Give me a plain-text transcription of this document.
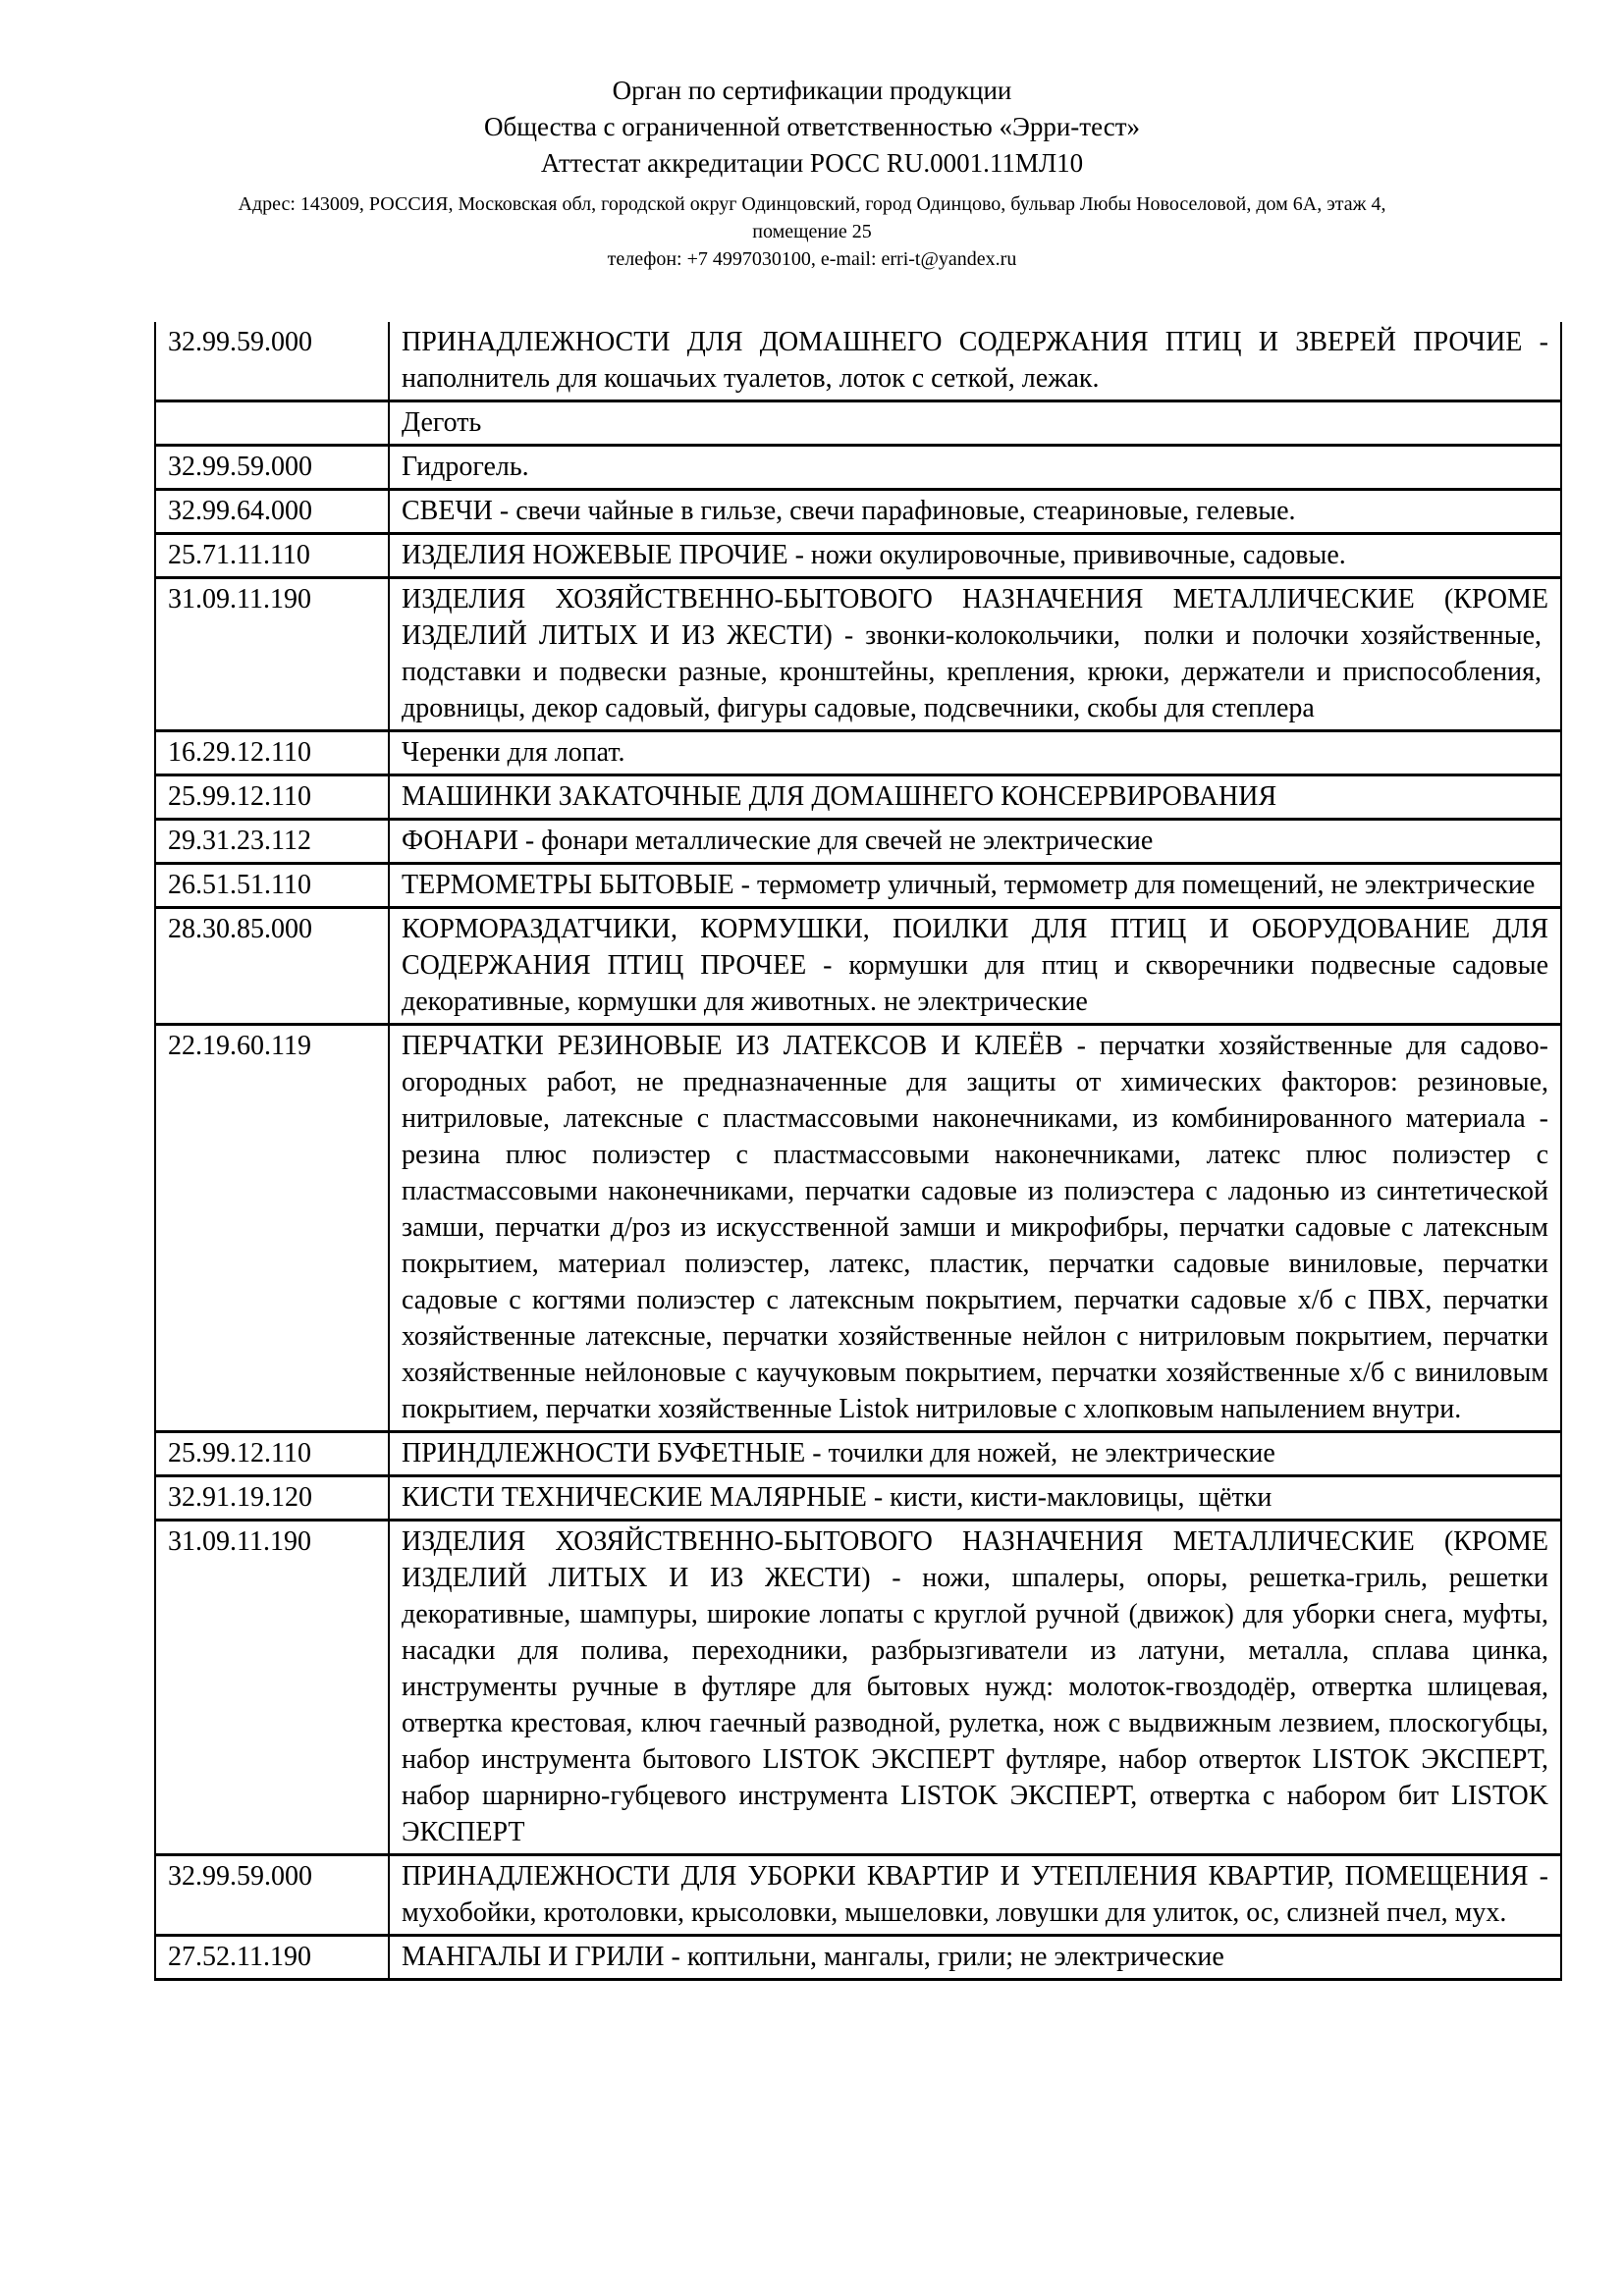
Орган по сертификации продукции
Общества с ограниченной ответственностью «Эрри-тест»
Аттестат аккредитации РОСС RU.0001.11МЛ10
Адрес: 143009, РОССИЯ, Московская обл, городской округ Одинцовский, город Одинцово, бульвар Любы Новоселовой, дом 6А, этаж 4,
помещение 25
телефон: +7 4997030100, e-mail: erri-t@yandex.ru
32.99.59.000	ПРИНАДЛЕЖНОСТИ ДЛЯ ДОМАШНЕГО СОДЕРЖАНИЯ ПТИЦ И ЗВЕРЕЙ ПРОЧИЕ - наполнитель для кошачьих туалетов, лоток с сеткой, лежак.
	Деготь
32.99.59.000	Гидрогель.
32.99.64.000	СВЕЧИ - свечи чайные в гильзе, свечи парафиновые, стеариновые, гелевые.
25.71.11.110	ИЗДЕЛИЯ НОЖЕВЫЕ ПРОЧИЕ - ножи окулировочные, прививочные, садовые.
31.09.11.190	ИЗДЕЛИЯ ХОЗЯЙСТВЕННО-БЫТОВОГО НАЗНАЧЕНИЯ МЕТАЛЛИЧЕСКИЕ (КРОМЕ ИЗДЕЛИЙ ЛИТЫХ И ИЗ ЖЕСТИ) - звонки-колокольчики,  полки и полочки хозяйственные,  подставки и подвески разные, кронштейны, крепления, крюки, держатели и приспособления,  дровницы, декор садовый, фигуры садовые, подсвечники, скобы для степлера
16.29.12.110	Черенки для лопат.
25.99.12.110	МАШИНКИ ЗАКАТОЧНЫЕ ДЛЯ ДОМАШНЕГО КОНСЕРВИРОВАНИЯ
29.31.23.112	ФОНАРИ - фонари металлические для свечей не электрические
26.51.51.110	ТЕРМОМЕТРЫ БЫТОВЫЕ - термометр уличный, термометр для помещений, не электрические
28.30.85.000	КОРМОРАЗДАТЧИКИ, КОРМУШКИ, ПОИЛКИ ДЛЯ ПТИЦ И ОБОРУДОВАНИЕ ДЛЯ СОДЕРЖАНИЯ ПТИЦ ПРОЧЕЕ - кормушки для птиц и скворечники подвесные садовые декоративные, кормушки для животных. не электрические
22.19.60.119	ПЕРЧАТКИ РЕЗИНОВЫЕ ИЗ ЛАТЕКСОВ И КЛЕЁВ - перчатки хозяйственные для садово-огородных работ, не предназначенные для защиты от химических факторов: резиновые, нитриловые, латексные с пластмассовыми наконечниками, из комбинированного материала - резина плюс полиэстер с пластмассовыми наконечниками, латекс плюс полиэстер с пластмассовыми наконечниками, перчатки садовые из полиэстера с ладонью из синтетической замши, перчатки д/роз из искусственной замши и микрофибры, перчатки садовые с латексным покрытием, материал полиэстер, латекс, пластик, перчатки садовые виниловые, перчатки садовые с когтями полиэстер с латексным покрытием, перчатки садовые х/б с ПВХ, перчатки хозяйственные латексные, перчатки хозяйственные нейлон с нитриловым покрытием, перчатки хозяйственные нейлоновые с каучуковым покрытием, перчатки хозяйственные х/б с виниловым покрытием, перчатки хозяйственные Listok нитриловые с хлопковым напылением внутри.
25.99.12.110	ПРИНДЛЕЖНОСТИ БУФЕТНЫЕ - точилки для ножей,  не электрические
32.91.19.120	КИСТИ ТЕХНИЧЕСКИЕ МАЛЯРНЫЕ - кисти, кисти-макловицы,  щётки
31.09.11.190	ИЗДЕЛИЯ ХОЗЯЙСТВЕННО-БЫТОВОГО НАЗНАЧЕНИЯ МЕТАЛЛИЧЕСКИЕ (КРОМЕ ИЗДЕЛИЙ ЛИТЫХ И ИЗ ЖЕСТИ) - ножи, шпалеры, опоры, решетка-гриль, решетки декоративные, шампуры, широкие лопаты с круглой ручной (движок) для уборки снега, муфты, насадки для полива, переходники, разбрызгиватели из латуни, металла, сплава цинка, инструменты ручные в футляре для бытовых нужд: молоток-гвоздодёр, отвертка шлицевая, отвертка крестовая, ключ гаечный разводной, рулетка, нож с выдвижным лезвием, плоскогубцы, набор инструмента бытового LISTOK ЭКСПЕРТ футляре, набор отверток LISTOK ЭКСПЕРТ, набор шарнирно-губцевого инструмента LISTOK ЭКСПЕРТ, отвертка с набором бит LISTOK ЭКСПЕРТ
32.99.59.000	ПРИНАДЛЕЖНОСТИ ДЛЯ УБОРКИ КВАРТИР И УТЕПЛЕНИЯ КВАРТИР, ПОМЕЩЕНИЯ - мухобойки, кротоловки, крысоловки, мышеловки, ловушки для улиток, ос, слизней пчел, мух.
27.52.11.190	МАНГАЛЫ И ГРИЛИ - коптильни, мангалы, грили; не электрические
